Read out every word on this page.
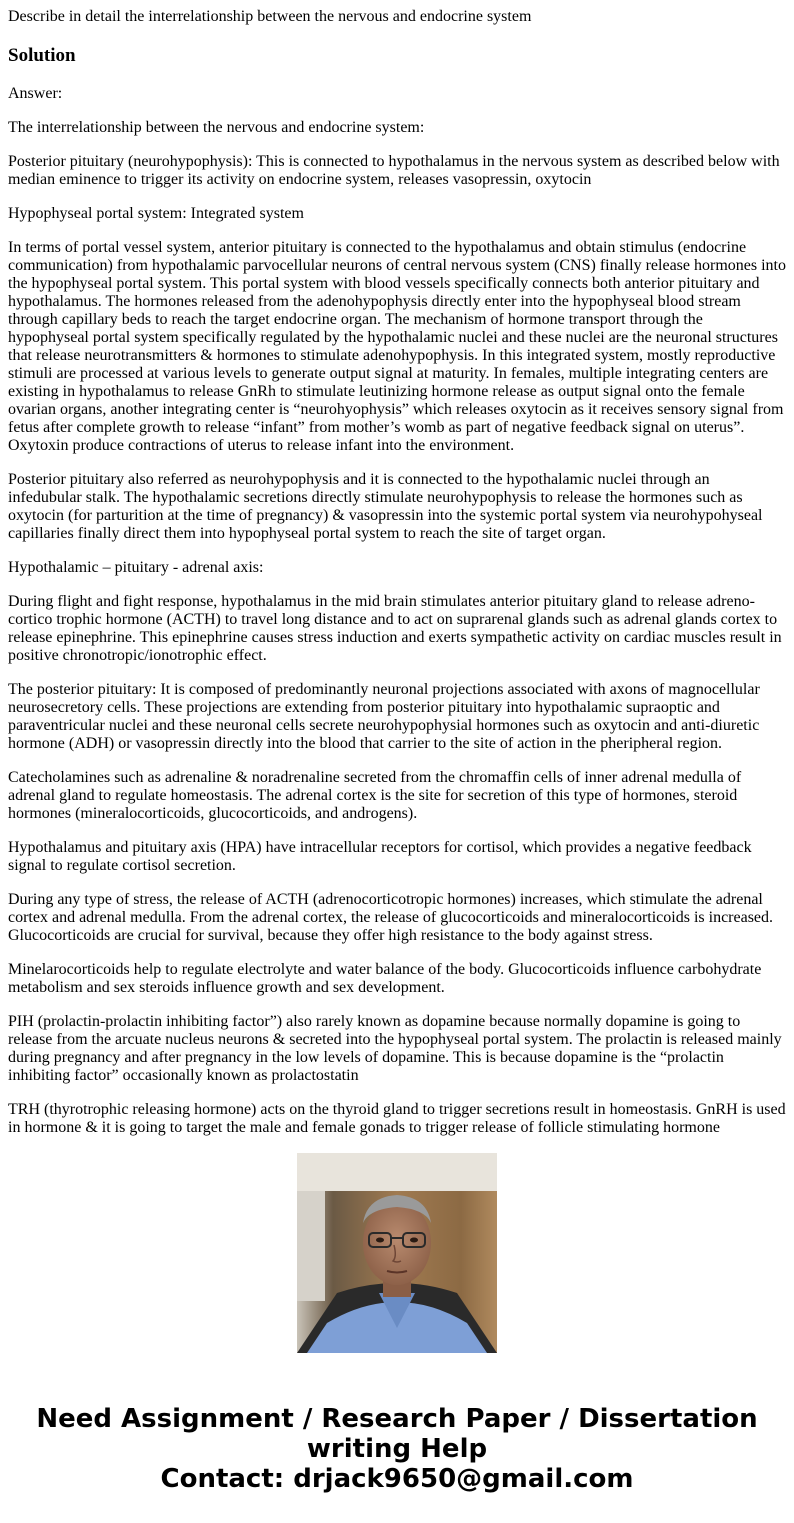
Describe in detail the interrelationship between the nervous and endocrine system

Solution

Answer:

The interrelationship between the nervous and endocrine system:

Posterior pituitary (neurohypophysis): This is connected to hypothalamus in the nervous system as described below with median eminence to trigger its activity on endocrine system, releases vasopressin, oxytocin

Hypophyseal portal system: Integrated system

In terms of portal vessel system, anterior pituitary is connected to the hypothalamus and obtain stimulus (endocrine communication) from hypothalamic parvocellular neurons of central nervous system (CNS) finally release hormones into the hypophyseal portal system. This portal system with blood vessels specifically connects both anterior pituitary and hypothalamus. The hormones released from the adenohypophysis directly enter into the hypophyseal blood stream through capillary beds to reach the target endocrine organ. The mechanism of hormone transport through the hypophyseal portal system specifically regulated by the hypothalamic nuclei and these nuclei are the neuronal structures that release neurotransmitters & hormones to stimulate adenohypophysis. In this integrated system, mostly reproductive stimuli are processed at various levels to generate output signal at maturity. In females, multiple integrating centers are existing in hypothalamus to release GnRh to stimulate leutinizing hormone release as output signal onto the female ovarian organs, another integrating center is “neurohyophysis” which releases oxytocin as it receives sensory signal from fetus after complete growth to release “infant” from mother’s womb as part of negative feedback signal on uterus”. Oxytoxin produce contractions of uterus to release infant into the environment.

Posterior pituitary also referred as neurohypophysis and it is connected to the hypothalamic nuclei through an infedubular stalk. The hypothalamic secretions directly stimulate neurohypophysis to release the hormones such as oxytocin (for parturition at the time of pregnancy) & vasopressin into the systemic portal system via neurohypohyseal capillaries finally direct them into hypophyseal portal system to reach the site of target organ.

Hypothalamic – pituitary - adrenal axis:

During flight and fight response, hypothalamus in the mid brain stimulates anterior pituitary gland to release adreno-cortico trophic hormone (ACTH) to travel long distance and to act on suprarenal glands such as adrenal glands cortex to release epinephrine. This epinephrine causes stress induction and exerts sympathetic activity on cardiac muscles result in positive chronotropic/ionotrophic effect.

The posterior pituitary: It is composed of predominantly neuronal projections associated with axons of magnocellular neurosecretory cells. These projections are extending from posterior pituitary into hypothalamic supraoptic and paraventricular nuclei and these neuronal cells secrete neurohypophysial hormones such as oxytocin and anti-diuretic hormone (ADH) or vasopressin directly into the blood that carrier to the site of action in the pheripheral region.

Catecholamines such as adrenaline & noradrenaline secreted from the chromaffin cells of inner adrenal medulla of adrenal gland to regulate homeostasis. The adrenal cortex is the site for secretion of this type of hormones, steroid hormones (mineralocorticoids, glucocorticoids, and androgens).

Hypothalamus and pituitary axis (HPA) have intracellular receptors for cortisol, which provides a negative feedback signal to regulate cortisol secretion.

During any type of stress, the release of ACTH (adrenocorticotropic hormones) increases, which stimulate the adrenal cortex and adrenal medulla. From the adrenal cortex, the release of glucocorticoids and mineralocorticoids is increased. Glucocorticoids are crucial for survival, because they offer high resistance to the body against stress.

Minelarocorticoids help to regulate electrolyte and water balance of the body. Glucocorticoids influence carbohydrate metabolism and sex steroids influence growth and sex development.

PIH (prolactin-prolactin inhibiting factor”) also rarely known as dopamine because normally dopamine is going to release from the arcuate nucleus neurons & secreted into the hypophyseal portal system. The prolactin is released mainly during pregnancy and after pregnancy in the low levels of dopamine. This is because dopamine is the “prolactin inhibiting factor” occasionally known as prolactostatin

TRH (thyrotrophic releasing hormone) acts on the thyroid gland to trigger secretions result in homeostasis. GnRH is used in hormone & it is going to target the male and female gonads to trigger release of follicle stimulating hormone

Need Assignment / Research Paper / Dissertation
writing Help
Contact: drjack9650@gmail.com
